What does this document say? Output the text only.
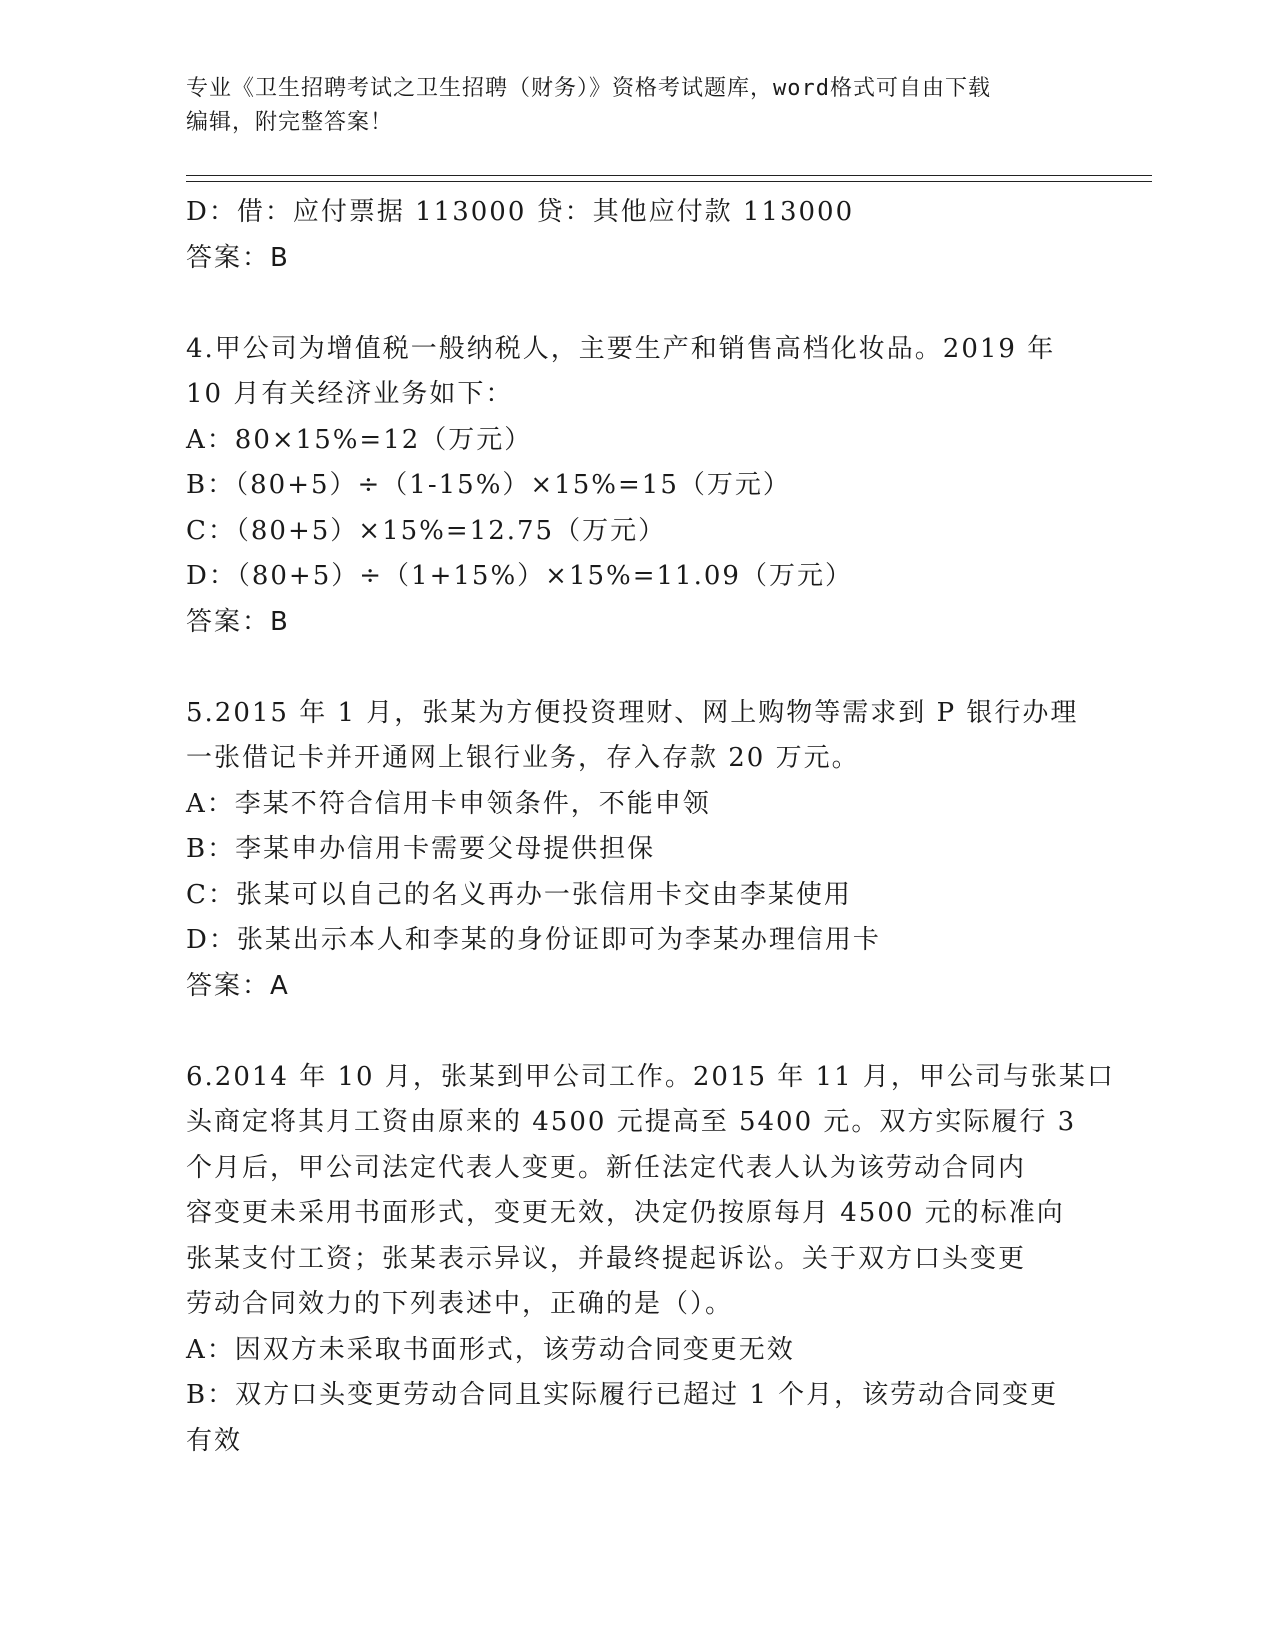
专业《卫生招聘考试之卫生招聘（财务）》资格考试题库，word格式可自由下载
编辑，附完整答案！
D：借：应付票据 113000 贷：其他应付款 113000
答案：B
4.甲公司为增值税一般纳税人，主要生产和销售高档化妆品。2019 年
10 月有关经济业务如下：
A：80×15%=12（万元）
B：（80+5）÷（1-15%）×15%=15（万元）
C：（80+5）×15%=12.75（万元）
D：（80+5）÷（1+15%）×15%=11.09（万元）
答案：B
5.2015 年 1 月，张某为方便投资理财、网上购物等需求到 P 银行办理
一张借记卡并开通网上银行业务，存入存款 20 万元。
A：李某不符合信用卡申领条件，不能申领
B：李某申办信用卡需要父母提供担保
C：张某可以自己的名义再办一张信用卡交由李某使用
D：张某出示本人和李某的身份证即可为李某办理信用卡
答案：A
6.2014 年 10 月，张某到甲公司工作。2015 年 11 月，甲公司与张某口
头商定将其月工资由原来的 4500 元提高至 5400 元。双方实际履行 3
个月后，甲公司法定代表人变更。新任法定代表人认为该劳动合同内
容变更未采用书面形式，变更无效，决定仍按原每月 4500 元的标准向
张某支付工资；张某表示异议，并最终提起诉讼。关于双方口头变更
劳动合同效力的下列表述中，正确的是（）。
A：因双方未采取书面形式，该劳动合同变更无效
B：双方口头变更劳动合同且实际履行已超过 1 个月，该劳动合同变更
有效
